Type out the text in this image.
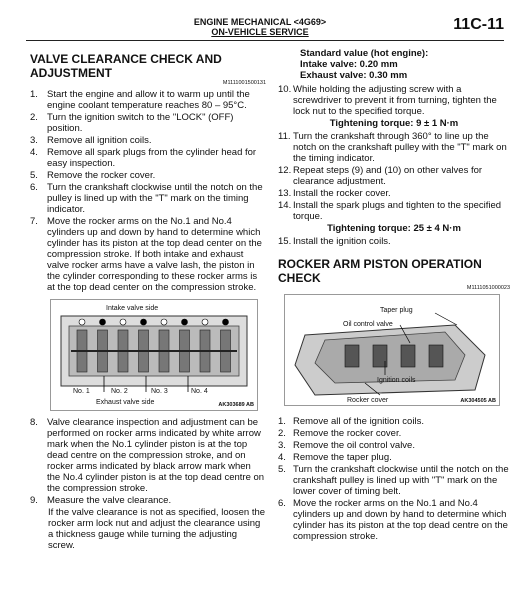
ENGINE MECHANICAL <4G69>
ON-VEHICLE SERVICE	11C-11
VALVE CLEARANCE CHECK AND ADJUSTMENT
M1111001500131
1. Start the engine and allow it to warm up until the engine coolant temperature reaches 80 – 95°C.
2. Turn the ignition switch to the "LOCK" (OFF) position.
3. Remove all ignition coils.
4. Remove all spark plugs from the cylinder head for easy inspection.
5. Remove the rocker cover.
6. Turn the crankshaft clockwise until the notch on the pulley is lined up with the "T" mark on the timing indicator.
7. Move the rocker arms on the No.1 and No.4 cylinders up and down by hand to determine which cylinder has its piston at the top dead center on the compression stroke. If both intake and exhaust valve rocker arms have a valve lash, the piston in the cylinder corresponding to these rocker arms is at the top dead center on the compression stroke.
Intake valve side
No. 1	No. 2	No. 3	No. 4
Exhaust valve side	AK303689 AB
8. Valve clearance inspection and adjustment can be performed on rocker arms indicated by white arrow mark when the No.1 cylinder piston is at the top dead centre on the compression stroke, and on rocker arms indicated by black arrow mark when the No.4 cylinder piston is at the top dead centre on the compression stroke.
9. Measure the valve clearance.
If the valve clearance is not as specified, loosen the rocker arm lock nut and adjust the clearance using a thickness gauge while turning the adjusting screw.
Standard value (hot engine):
Intake valve: 0.20 mm
Exhaust valve: 0.30 mm
10. While holding the adjusting screw with a screwdriver to prevent it from turning, tighten the lock nut to the specified torque.
Tightening torque: 9 ± 1 N·m
11. Turn the crankshaft through 360° to line up the notch on the crankshaft pulley with the "T" mark on the timing indicator.
12. Repeat steps (9) and (10) on other valves for clearance adjustment.
13. Install the rocker cover.
14. Install the spark plugs and tighten to the specified torque.
Tightening torque: 25 ± 4 N·m
15. Install the ignition coils.
ROCKER ARM PISTON OPERATION CHECK
M1111051000023
Taper plug
Oil control valve
Ignition coils
Rocker cover	AK304505 AB
1. Remove all of the ignition coils.
2. Remove the rocker cover.
3. Remove the oil control valve.
4. Remove the taper plug.
5. Turn the crankshaft clockwise until the notch on the crankshaft pulley is lined up with "T" mark on the lower cover of timing belt.
6. Move the rocker arms on the No.1 and No.4 cylinders up and down by hand to determine which cylinder has its piston at the top dead centre on the compression stroke.
